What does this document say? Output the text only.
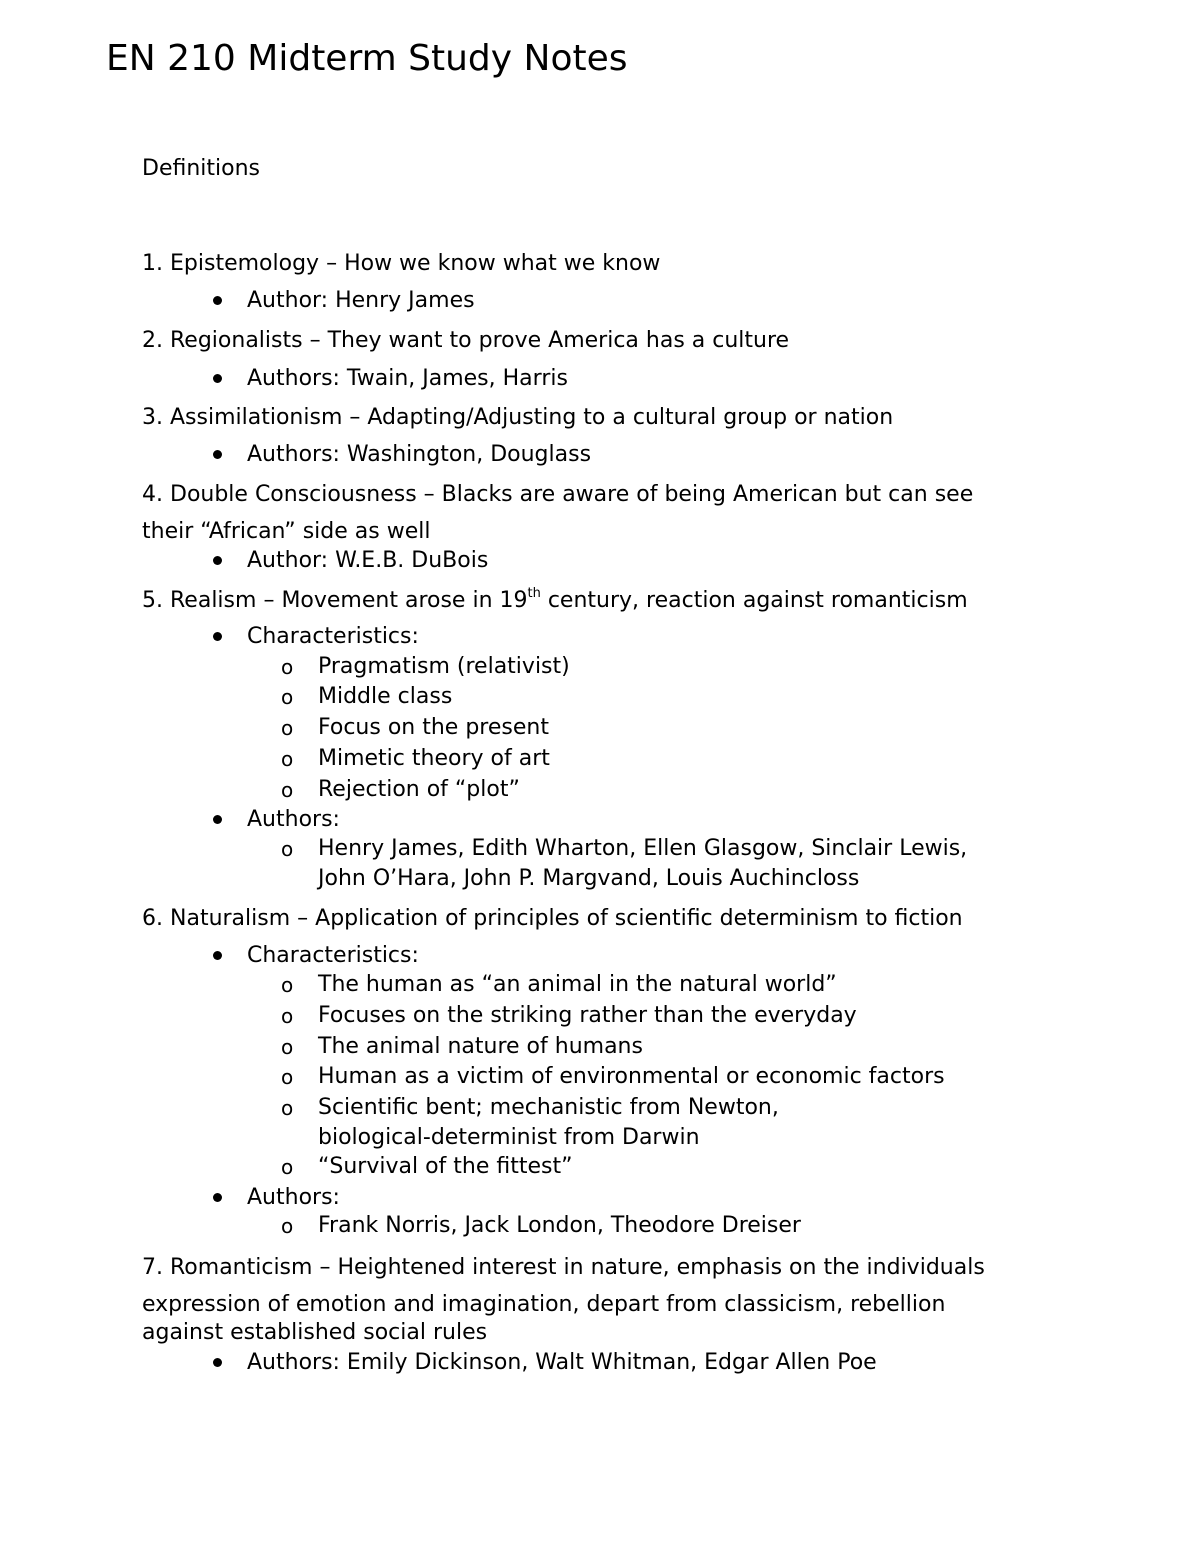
EN 210 Midterm Study Notes
Definitions

1. Epistemology – How we know what we know

Author: Henry James

2. Regionalists – They want to prove America has a culture

Authors: Twain, James, Harris

3. Assimilationism – Adapting/Adjusting to a cultural group or nation

Authors: Washington, Douglass

4. Double Consciousness – Blacks are aware of being American but can see

their “African” side as well

Author: W.E.B. DuBois

5. Realism – Movement arose in 19th century, reaction against romanticism

Characteristics:

o Pragmatism (relativist)

o Middle class

o Focus on the present

o Mimetic theory of art

o Rejection of “plot”

Authors:

o Henry James, Edith Wharton, Ellen Glasgow, Sinclair Lewis,

John O’Hara, John P. Margvand, Louis Auchincloss

6. Naturalism – Application of principles of scientific determinism to fiction

Characteristics:

o The human as “an animal in the natural world”

o Focuses on the striking rather than the everyday

o The animal nature of humans

o Human as a victim of environmental or economic factors

o Scientific bent; mechanistic from Newton,

biological-determinist from Darwin

o “Survival of the fittest”

Authors:

o Frank Norris, Jack London, Theodore Dreiser

7. Romanticism – Heightened interest in nature, emphasis on the individuals

expression of emotion and imagination, depart from classicism, rebellion

against established social rules

Authors: Emily Dickinson, Walt Whitman, Edgar Allen Poe
